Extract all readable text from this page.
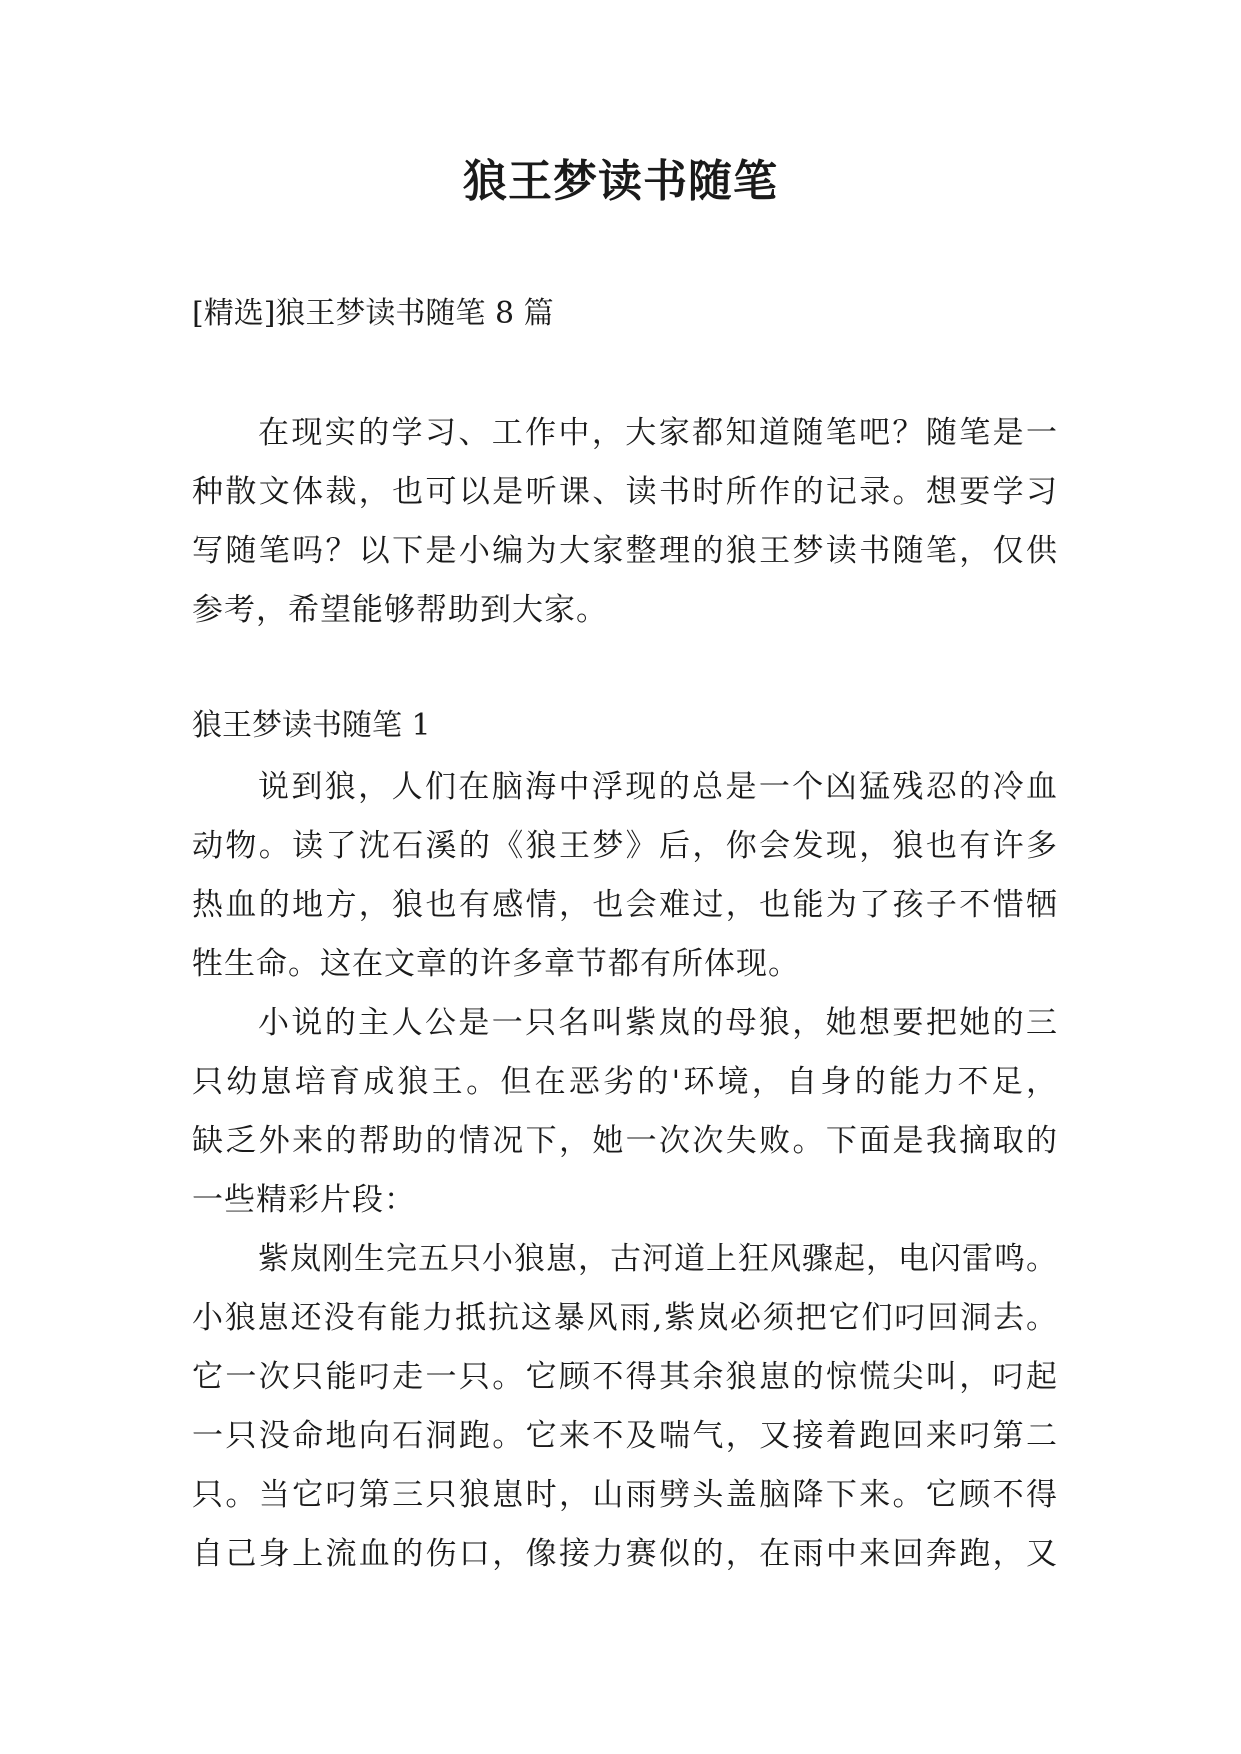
狼王梦读书随笔

[精选]狼王梦读书随笔 8 篇

在现实的学习、工作中，大家都知道随笔吧？随笔是一
种散文体裁，也可以是听课、读书时所作的记录。想要学习
写随笔吗？以下是小编为大家整理的狼王梦读书随笔，仅供
参考，希望能够帮助到大家。

狼王梦读书随笔 1

说到狼，人们在脑海中浮现的总是一个凶猛残忍的冷血
动物。读了沈石溪的《狼王梦》后，你会发现，狼也有许多
热血的地方，狼也有感情，也会难过，也能为了孩子不惜牺
牲生命。这在文章的许多章节都有所体现。
小说的主人公是一只名叫紫岚的母狼，她想要把她的三
只幼崽培育成狼王。但在恶劣的'环境，自身的能力不足，
缺乏外来的帮助的情况下，她一次次失败。下面是我摘取的
一些精彩片段：
紫岚刚生完五只小狼崽，古河道上狂风骤起，电闪雷鸣。
小狼崽还没有能力抵抗这暴风雨,紫岚必须把它们叼回洞去。
它一次只能叼走一只。它顾不得其余狼崽的惊慌尖叫，叼起
一只没命地向石洞跑。它来不及喘气，又接着跑回来叼第二
只。当它叼第三只狼崽时，山雨劈头盖脑降下来。它顾不得
自己身上流血的伤口，像接力赛似的，在雨中来回奔跑，又
